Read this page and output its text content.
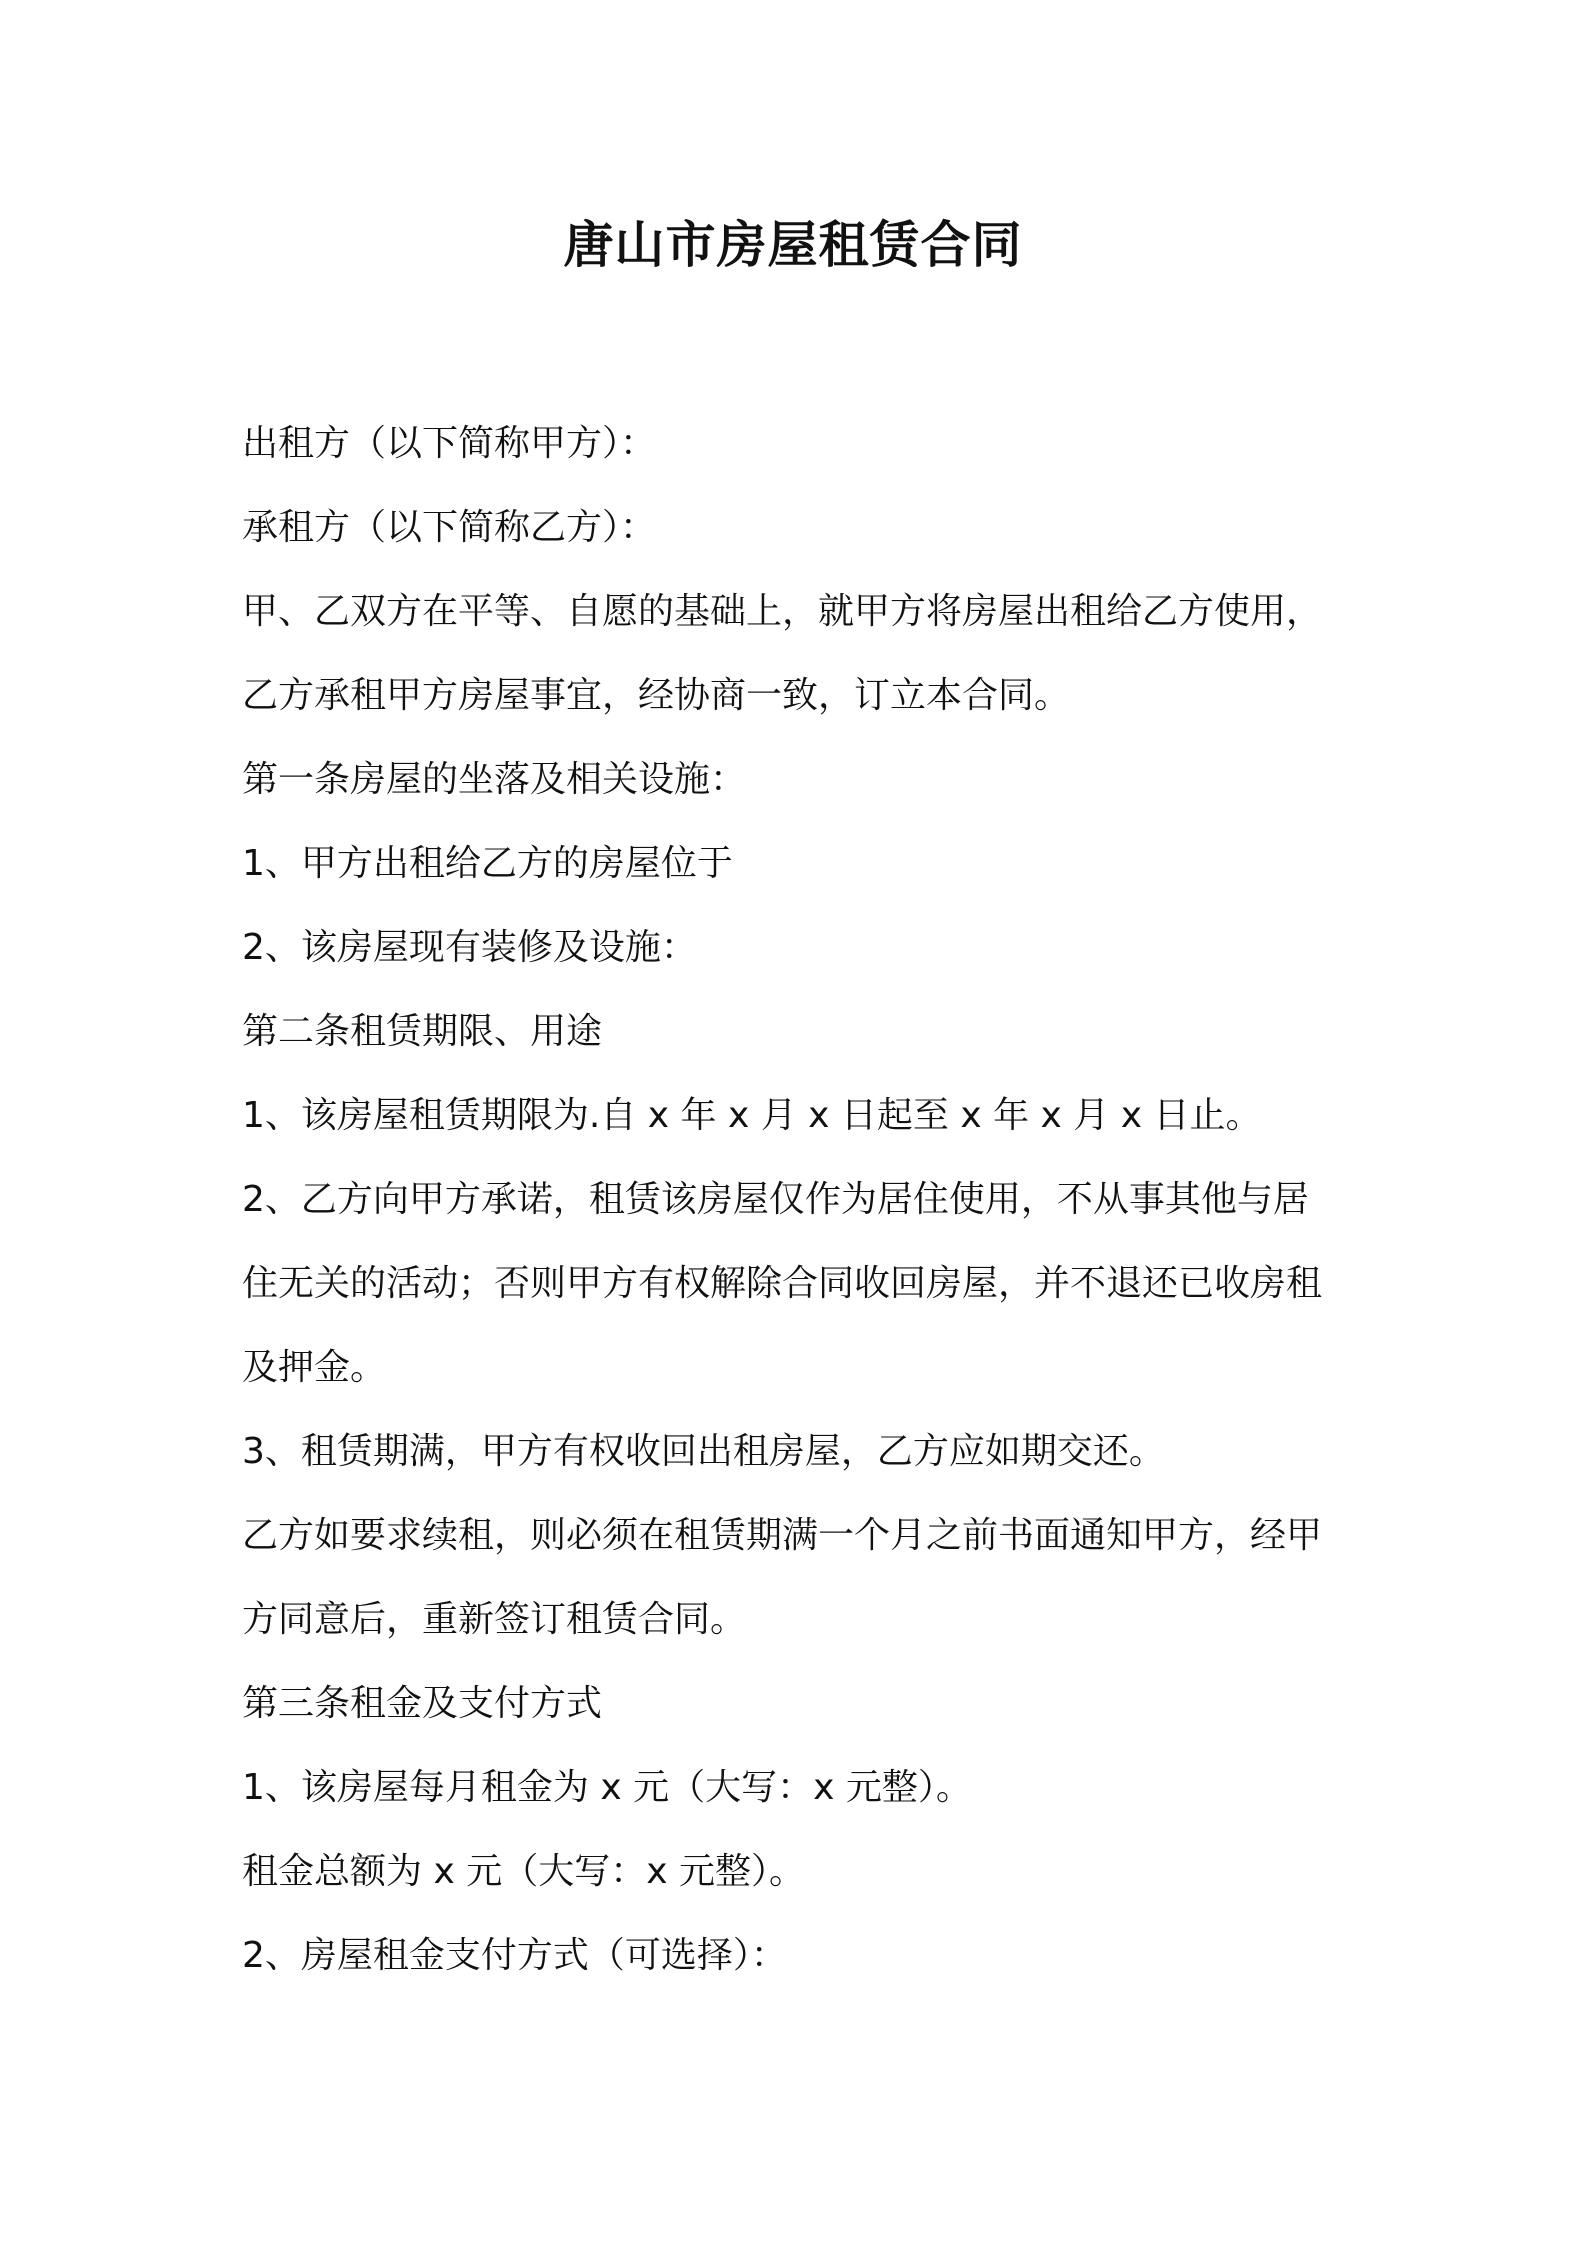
唐山市房屋租赁合同

出租方（以下简称甲方）：

承租方（以下简称乙方）：

甲、乙双方在平等、自愿的基础上，就甲方将房屋出租给乙方使用，

乙方承租甲方房屋事宜，经协商一致，订立本合同。

第一条房屋的坐落及相关设施：

1、甲方出租给乙方的房屋位于

2、该房屋现有装修及设施：

第二条租赁期限、用途

1、该房屋租赁期限为.自 x 年 x 月 x 日起至 x 年 x 月 x 日止。

2、乙方向甲方承诺，租赁该房屋仅作为居住使用，不从事其他与居

住无关的活动；否则甲方有权解除合同收回房屋，并不退还已收房租

及押金。

3、租赁期满，甲方有权收回出租房屋，乙方应如期交还。

乙方如要求续租，则必须在租赁期满一个月之前书面通知甲方，经甲

方同意后，重新签订租赁合同。

第三条租金及支付方式

1、该房屋每月租金为 x 元（大写：x 元整）。

租金总额为 x 元（大写：x 元整）。

2、房屋租金支付方式（可选择）：
